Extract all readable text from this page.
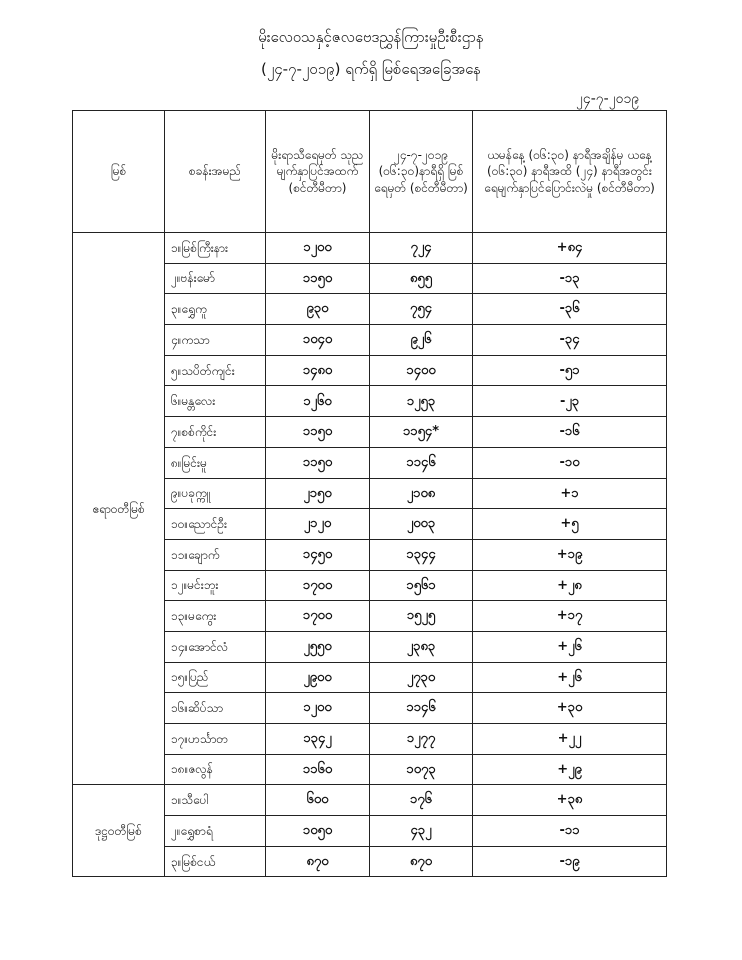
မိုးလေဝသနှင့်ဇလဗေဒညွှန်ကြားမှုဦးစီးဌာန
(၂၄-၇-၂၀၁၉) ရက်ရှိ မြစ်ရေအခြေအနေ
၂၄-၇-၂၀၁၉
မြစ်	စခန်းအမည်	မိုးရာသီရေမှတ် သုညမျက်နှာပြင်အထက် (စင်တီမီတာ)	၂၄-၇-၂၀၁၉ (၀၆:၃၀)နာရီရှိ မြစ်ရေမှတ် (စင်တီမီတာ)	ယမန်နေ့ (၀၆:၃၀) နာရီအချိန်မှ ယနေ့ (၀၆:၃၀) နာရီအထိ (၂၄) နာရီအတွင်း ရေမျက်နှာပြင်ပြောင်းလဲမှု (စင်တီမီတာ)
ဧရာဝတီမြစ်	၁။မြစ်ကြီးနား	၁၂၀၀	၇၂၄	+၈၄
	၂။ဗန်းမော်	၁၁၅၀	၈၅၅	-၁၃
	၃။ရွှေကူ	၉၃၀	၇၅၄	-၃၆
	၄။ကသာ	၁၀၄၀	၉၂၆	-၃၄
	၅။သပိတ်ကျင်း	၁၄၈၀	၁၄၀၀	-၅၁
	၆။မန္တလေး	၁၂၆၀	၁၂၅၃	-၂၃
	၇။စစ်ကိုင်း	၁၁၅၀	၁၁၅၄*	-၁၆
	၈။မြင်းမူ	၁၁၅၀	၁၁၄၆	-၁၀
	၉။ပခုက္ကူ	၂၁၅၀	၂၁၀၈	+၁
	၁၀။ညောင်ဦး	၂၁၂၀	၂၀၀၃	+၅
	၁၁။ချောက်	၁၄၅၀	၁၃၄၄	+၁၉
	၁၂။မင်းဘူး	၁၇၀၀	၁၅၆၁	+၂၈
	၁၃။မကွေး	၁၇၀၀	၁၅၂၅	+၁၇
	၁၄။အောင်လံ	၂၅၅၀	၂၃၈၃	+၂၆
	၁၅။ပြည်	၂၉၀၀	၂၇၃၀	+၂၆
	၁၆။ဆိပ်သာ	၁၂၀၀	၁၁၄၆	+၃၀
	၁၇။ဟင်္သာတ	၁၃၄၂	၁၂၇၇	+၂၂
	၁၈။ဇလွန်	၁၁၆၀	၁၀၇၃	+၂၉
ဒုဋ္ဌဝတီမြစ်	၁။သီပေါ	၆၀၀	၁၇၆	+၃၈
	၂။ရွှေစာရံ	၁၀၅၀	၄၃၂	-၁၁
	၃။မြစ်ငယ်	၈၇၀	၈၇၀	-၁၉
